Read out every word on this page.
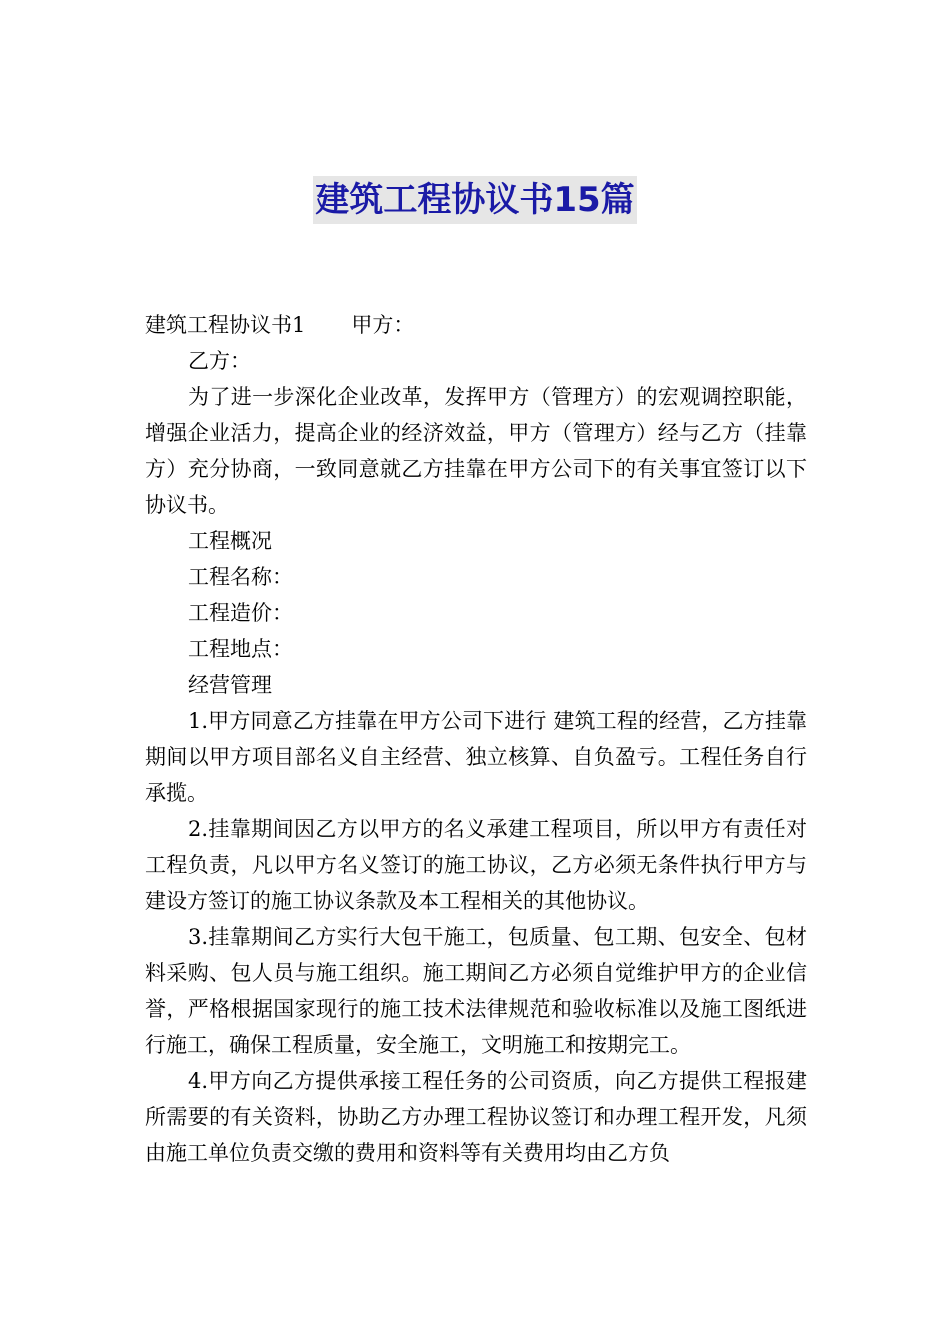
建筑工程协议书15篇

建筑工程协议书1 甲方：

乙方：

为了进一步深化企业改革，发挥甲方（管理方）的宏观调控职能，增强企业活力，提高企业的经济效益，甲方（管理方）经与乙方（挂靠方）充分协商，一致同意就乙方挂靠在甲方公司下的有关事宜签订以下协议书。

工程概况

工程名称：

工程造价：

工程地点：

经营管理

1.甲方同意乙方挂靠在甲方公司下进行 建筑工程的经营，乙方挂靠期间以甲方项目部名义自主经营、独立核算、自负盈亏。工程任务自行承揽。

2.挂靠期间因乙方以甲方的名义承建工程项目，所以甲方有责任对工程负责，凡以甲方名义签订的施工协议，乙方必须无条件执行甲方与建设方签订的施工协议条款及本工程相关的其他协议。

3.挂靠期间乙方实行大包干施工，包质量、包工期、包安全、包材料采购、包人员与施工组织。施工期间乙方必须自觉维护甲方的企业信誉，严格根据国家现行的施工技术法律规范和验收标准以及施工图纸进行施工，确保工程质量，安全施工，文明施工和按期完工。

4.甲方向乙方提供承接工程任务的公司资质，向乙方提供工程报建所需要的有关资料，协助乙方办理工程协议签订和办理工程开发，凡须由施工单位负责交缴的费用和资料等有关费用均由乙方负
